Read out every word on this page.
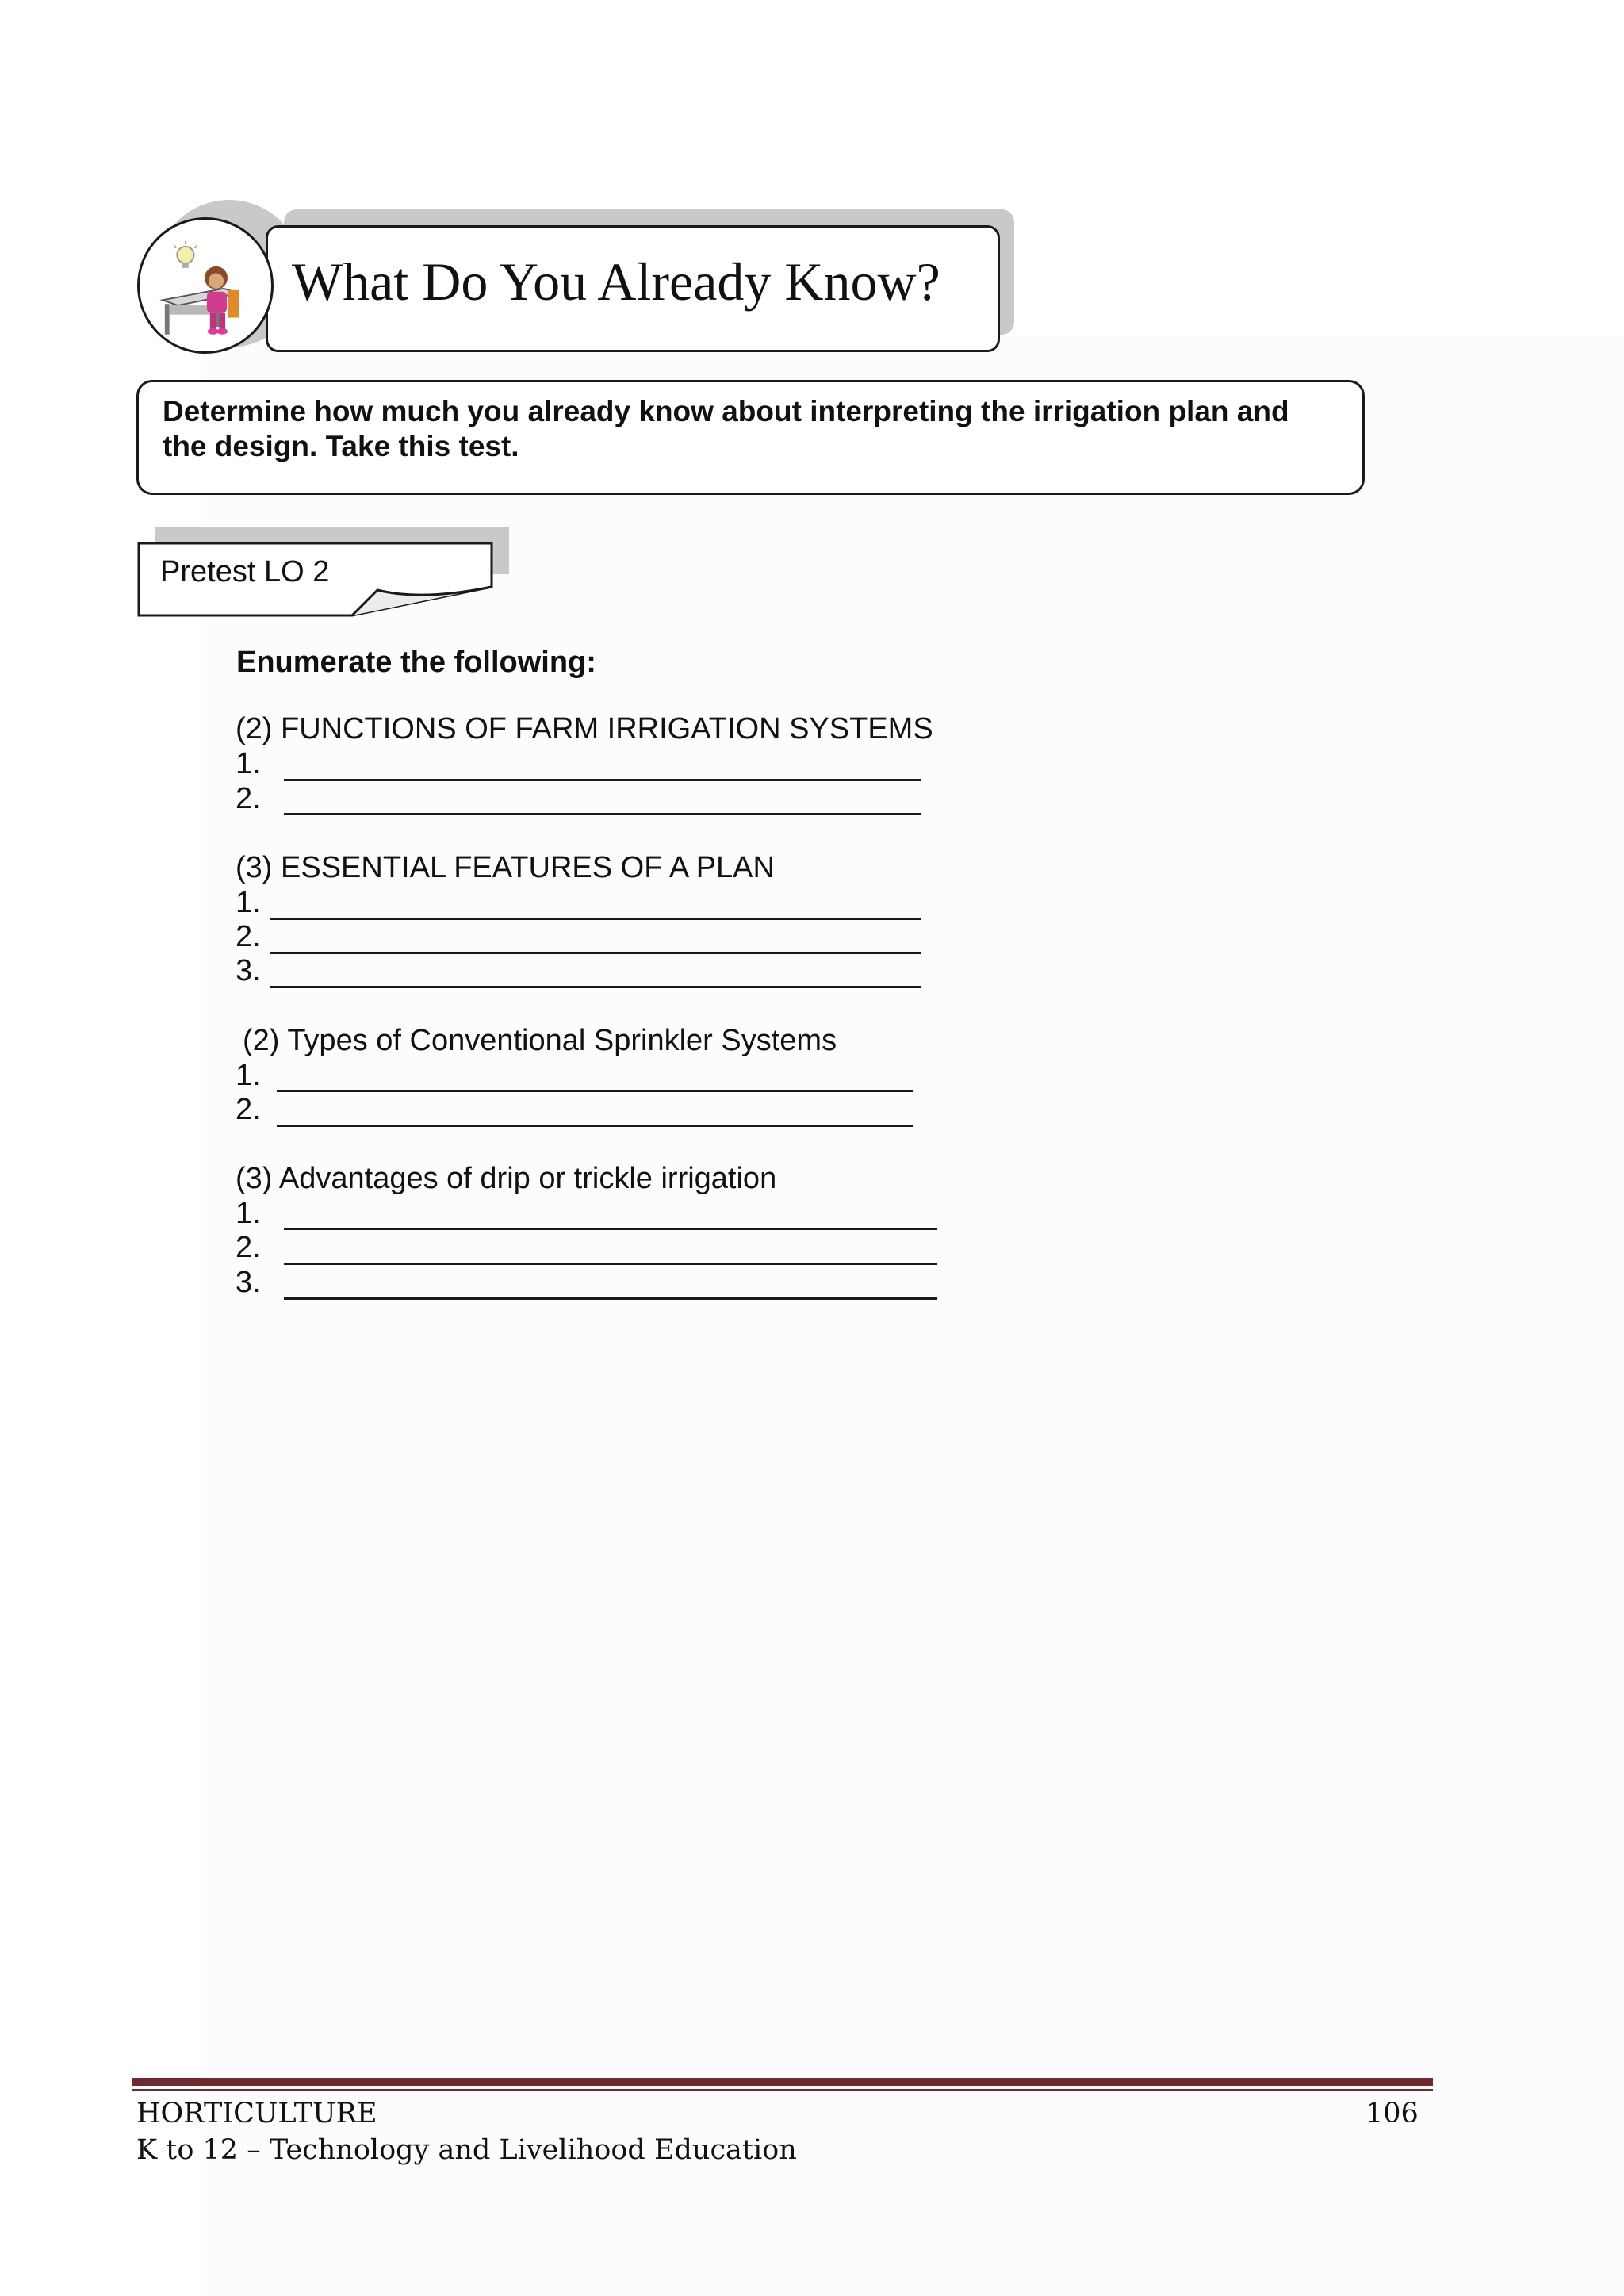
What Do You Already Know?
Determine how much you already know about interpreting the irrigation plan and the design. Take this test.
Pretest LO 2
Enumerate the following:
(2) FUNCTIONS OF FARM IRRIGATION SYSTEMS
1.
2.
(3) ESSENTIAL FEATURES OF A PLAN
1.
2.
3.
(2) Types of Conventional Sprinkler Systems
1.
2.
(3) Advantages of drip or trickle irrigation
1.
2.
3.
HORTICULTURE
K to 12 – Technology and Livelihood Education
106
